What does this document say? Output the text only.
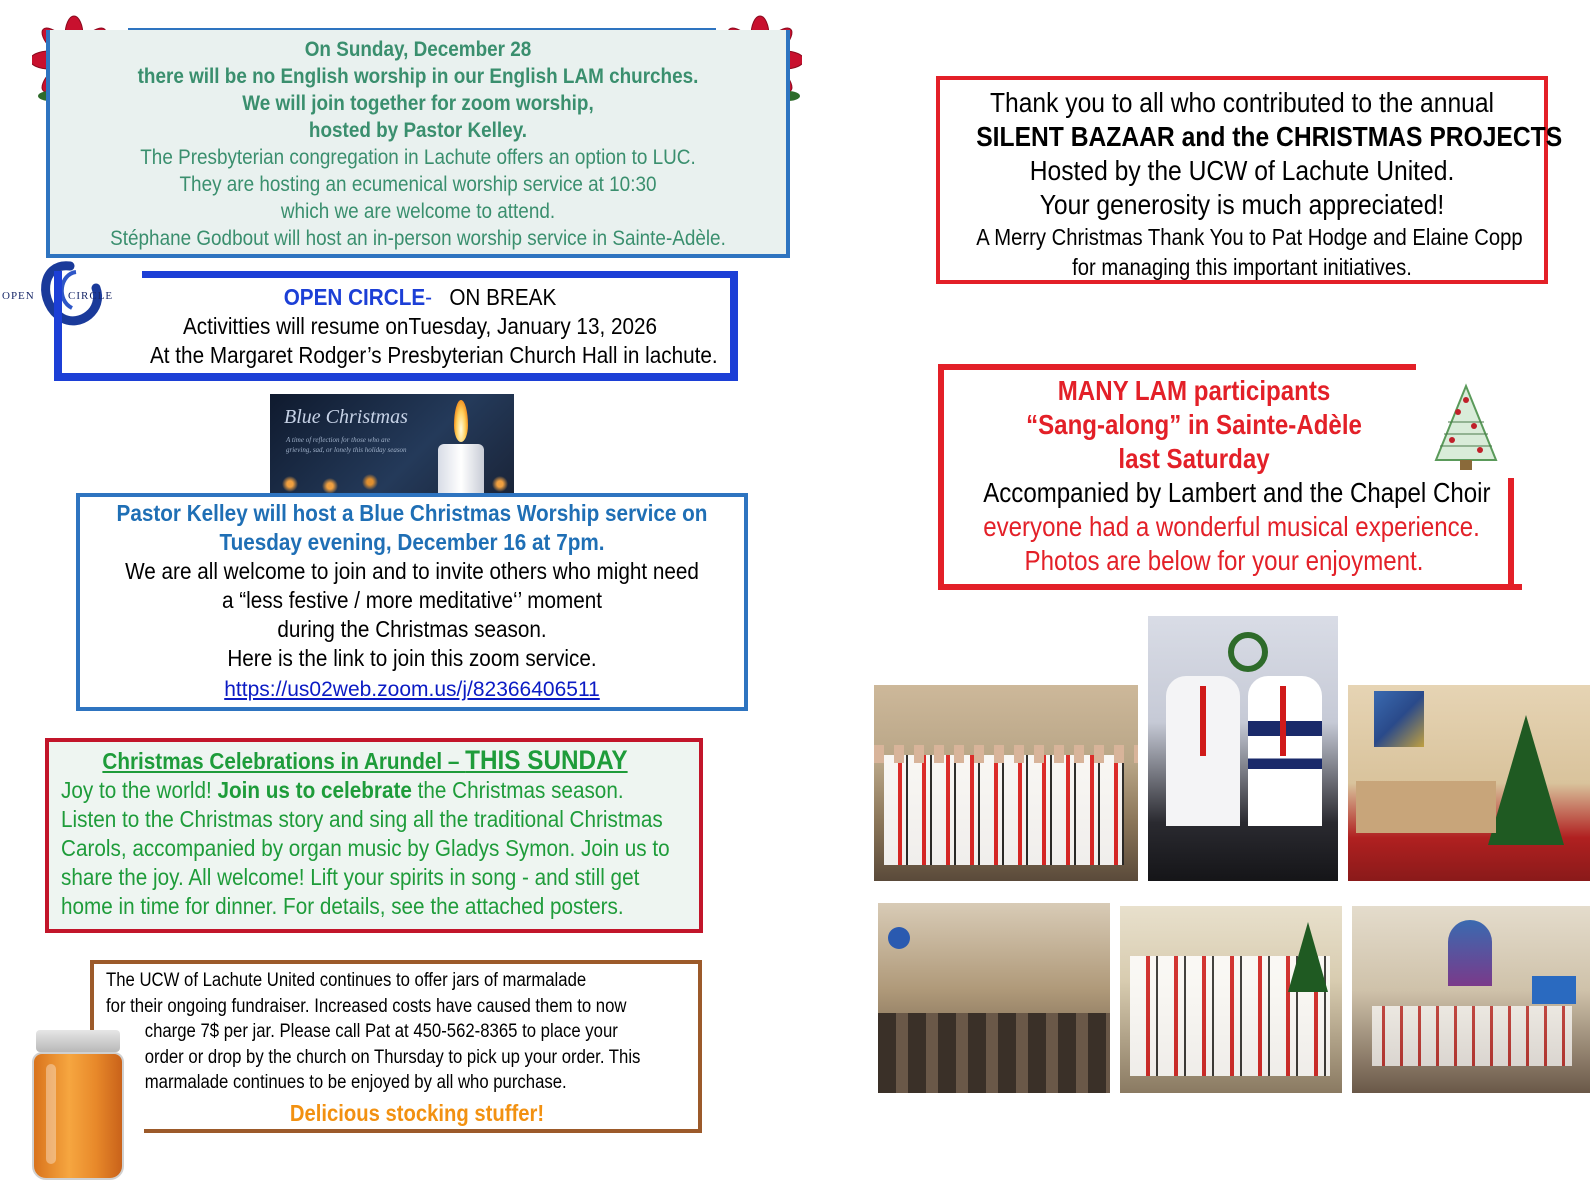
On Sunday, December 28
there will be no English worship in our English LAM churches.
We will join together for zoom worship,
hosted by Pastor Kelley.
The Presbyterian congregation in Lachute offers an option to LUC.
They are hosting an ecumenical worship service at 10:30
which we are welcome to attend.
Stéphane Godbout will host an in-person worship service in Sainte-Adèle.
OPEN	CIRCLE	OPEN CIRCLE- ON BREAK
Activitties will resume onTuesday, January 13, 2026
At the Margaret Rodger’s Presbyterian Church Hall in lachute.
Blue Christmas
A time of reflection for those who are
grieving, sad, or lonely this holiday season
Pastor Kelley will host a Blue Christmas Worship service on
Tuesday evening, December 16 at 7pm.
We are all welcome to join and to invite others who might need
a “less festive / more meditative‘’ moment
during the Christmas season.
Here is the link to join this zoom service.
https://us02web.zoom.us/j/82366406511
Christmas Celebrations in Arundel – THIS SUNDAY
Joy to the world! Join us to celebrate the Christmas season.
Listen to the Christmas story and sing all the traditional Christmas
Carols, accompanied by organ music by Gladys Symon. Join us to
share the joy. All welcome! Lift your spirits in song - and still get
home in time for dinner. For details, see the attached posters.
The UCW of Lachute United continues to offer jars of marmalade
for their ongoing fundraiser. Increased costs have caused them to now
charge 7$ per jar. Please call Pat at 450-562-8365 to place your
order or drop by the church on Thursday to pick up your order. This
marmalade continues to be enjoyed by all who purchase.
Delicious stocking stuffer!
Thank you to all who contributed to the annual
SILENT BAZAAR and the CHRISTMAS PROJECTS
Hosted by the UCW of Lachute United.
Your generosity is much appreciated!
A Merry Christmas Thank You to Pat Hodge and Elaine Copp
for managing this important initiatives.
MANY LAM participants
“Sang-along” in Sainte-Adèle
last Saturday
Accompanied by Lambert and the Chapel Choir
everyone had a wonderful musical experience.
Photos are below for your enjoyment.
